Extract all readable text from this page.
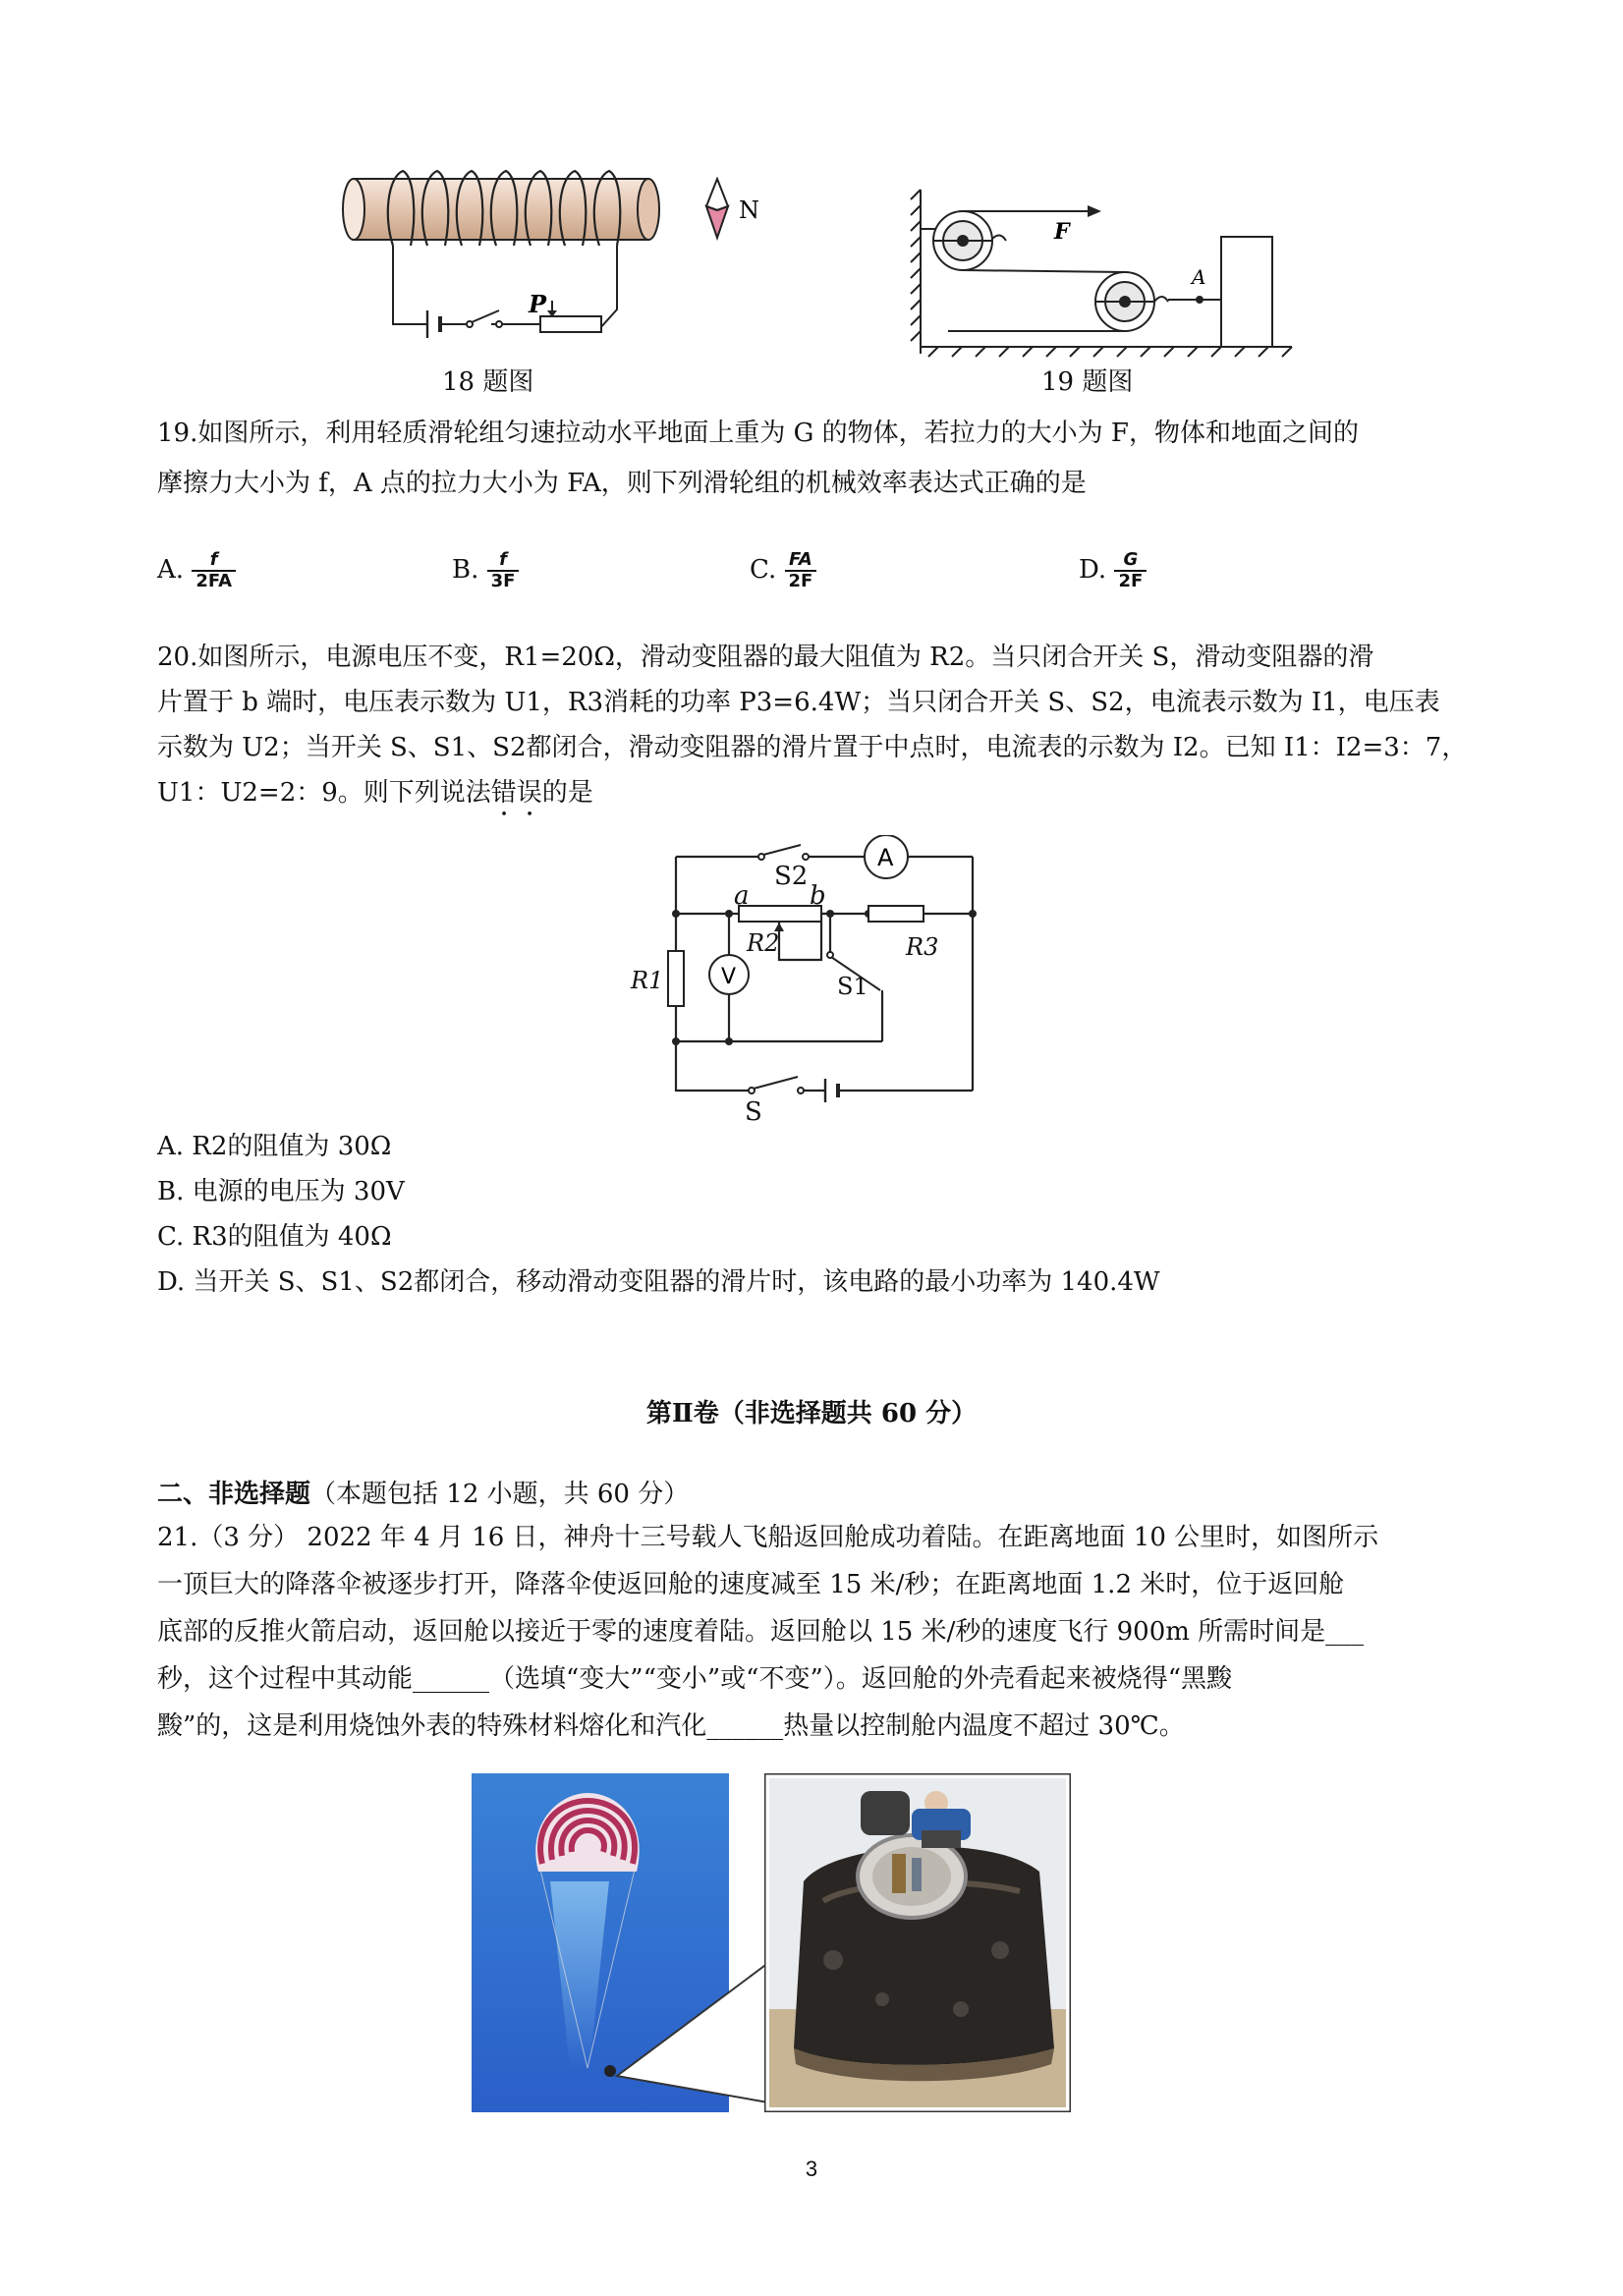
P
N
F
A
18 题图	19 题图
19.如图所示，利用轻质滑轮组匀速拉动水平地面上重为 G 的物体，若拉力的大小为 F，物体和地面之间的
摩擦力大小为 f，A 点的拉力大小为 FA，则下列滑轮组的机械效率表达式正确的是
A. $\frac{f}{2FA}$	B. $\frac{f}{3F}$	C. $\frac{FA}{2F}$	D. $\frac{G}{2F}$
20.如图所示，电源电压不变，R1=20Ω，滑动变阻器的最大阻值为 R2。当只闭合开关 S，滑动变阻器的滑
片置于 b 端时，电压表示数为 U1，R3消耗的功率 P3=6.4W；当只闭合开关 S、S2，电流表示数为 I1，电压表
示数为 U2；当开关 S、S1、S2都闭合，滑动变阻器的滑片置于中点时，电流表的示数为 I2。已知 I1：I2=3：7，
U1：U2=2：9。则下列说法错误的是
A
V
S2
a b
R2	R3
R1	S1
S
A. R2的阻值为 30Ω
B. 电源的电压为 30V
C. R3的阻值为 40Ω
D. 当开关 S、S1、S2都闭合，移动滑动变阻器的滑片时，该电路的最小功率为 140.4W
第Ⅱ卷（非选择题共 60 分）
二、非选择题（本题包括 12 小题，共 60 分）
21.（3 分） 2022 年 4 月 16 日，神舟十三号载人飞船返回舱成功着陆。在距离地面 10 公里时，如图所示
一顶巨大的降落伞被逐步打开，降落伞使返回舱的速度减至 15 米/秒；在距离地面 1.2 米时，位于返回舱
底部的反推火箭启动，返回舱以接近于零的速度着陆。返回舱以 15 米/秒的速度飞行 900m 所需时间是___
秒，这个过程中其动能______（选填“变大”“变小”或“不变”）。返回舱的外壳看起来被烧得“黑黢
黢”的，这是利用烧蚀外表的特殊材料熔化和汽化______热量以控制舱内温度不超过 30℃。
3
